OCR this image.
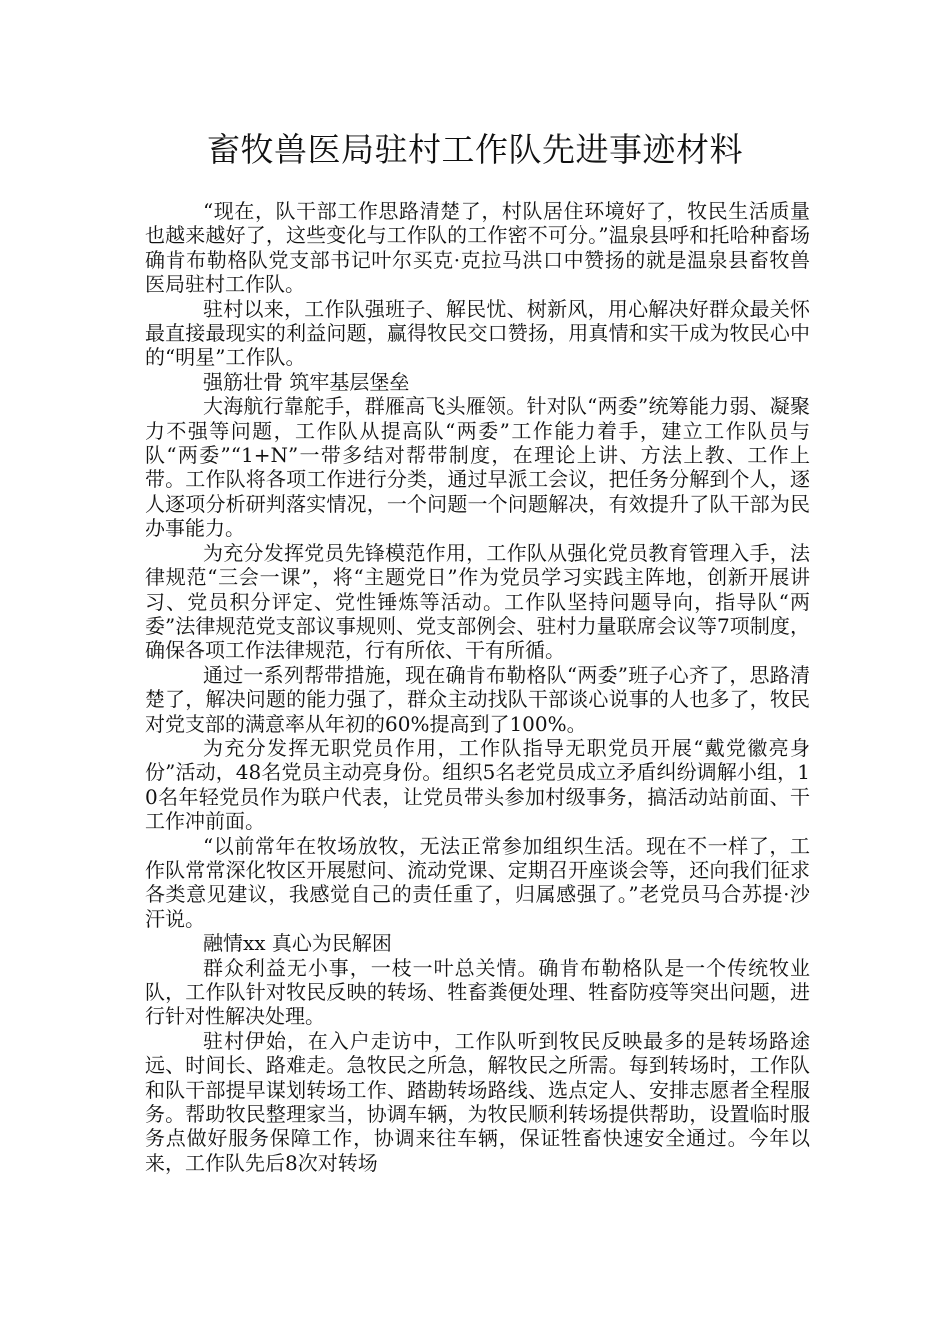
畜牧兽医局驻村工作队先进事迹材料

“现在，队干部工作思路清楚了，村队居住环境好了，牧民生活质量也越来越好了，这些变化与工作队的工作密不可分。”温泉县呼和托哈种畜场确肯布勒格队党支部书记叶尔买克·克拉马洪口中赞扬的就是温泉县畜牧兽医局驻村工作队。

驻村以来，工作队强班子、解民忧、树新风，用心解决好群众最关怀最直接最现实的利益问题，赢得牧民交口赞扬，用真情和实干成为牧民心中的“明星”工作队。

强筋壮骨 筑牢基层堡垒

大海航行靠舵手，群雁高飞头雁领。针对队“两委”统筹能力弱、凝聚力不强等问题，工作队从提高队“两委”工作能力着手，建立工作队员与队“两委”“1+N”一带多结对帮带制度，在理论上讲、方法上教、工作上带。工作队将各项工作进行分类，通过早派工会议，把任务分解到个人，逐人逐项分析研判落实情况，一个问题一个问题解决，有效提升了队干部为民办事能力。

为充分发挥党员先锋模范作用，工作队从强化党员教育管理入手，法律规范“三会一课”，将“主题党日”作为党员学习实践主阵地，创新开展讲习、党员积分评定、党性锤炼等活动。工作队坚持问题导向，指导队“两委”法律规范党支部议事规则、党支部例会、驻村力量联席会议等7项制度，确保各项工作法律规范，行有所依、干有所循。

通过一系列帮带措施，现在确肯布勒格队“两委”班子心齐了，思路清楚了，解决问题的能力强了，群众主动找队干部谈心说事的人也多了，牧民对党支部的满意率从年初的60%提高到了100%。

为充分发挥无职党员作用，工作队指导无职党员开展“戴党徽亮身份”活动，48名党员主动亮身份。组织5名老党员成立矛盾纠纷调解小组，10名年轻党员作为联户代表，让党员带头参加村级事务，搞活动站前面、干工作冲前面。

“以前常年在牧场放牧，无法正常参加组织生活。现在不一样了，工作队常常深化牧区开展慰问、流动党课、定期召开座谈会等，还向我们征求各类意见建议，我感觉自己的责任重了，归属感强了。”老党员马合苏提·沙汗说。

融情xx 真心为民解困

群众利益无小事，一枝一叶总关情。确肯布勒格队是一个传统牧业队，工作队针对牧民反映的转场、牲畜粪便处理、牲畜防疫等突出问题，进行针对性解决处理。

驻村伊始，在入户走访中，工作队听到牧民反映最多的是转场路途远、时间长、路难走。急牧民之所急，解牧民之所需。每到转场时，工作队和队干部提早谋划转场工作、踏勘转场路线、选点定人、安排志愿者全程服务。帮助牧民整理家当，协调车辆，为牧民顺利转场提供帮助，设置临时服务点做好服务保障工作，协调来往车辆，保证牲畜快速安全通过。今年以来，工作队先后8次对转场
